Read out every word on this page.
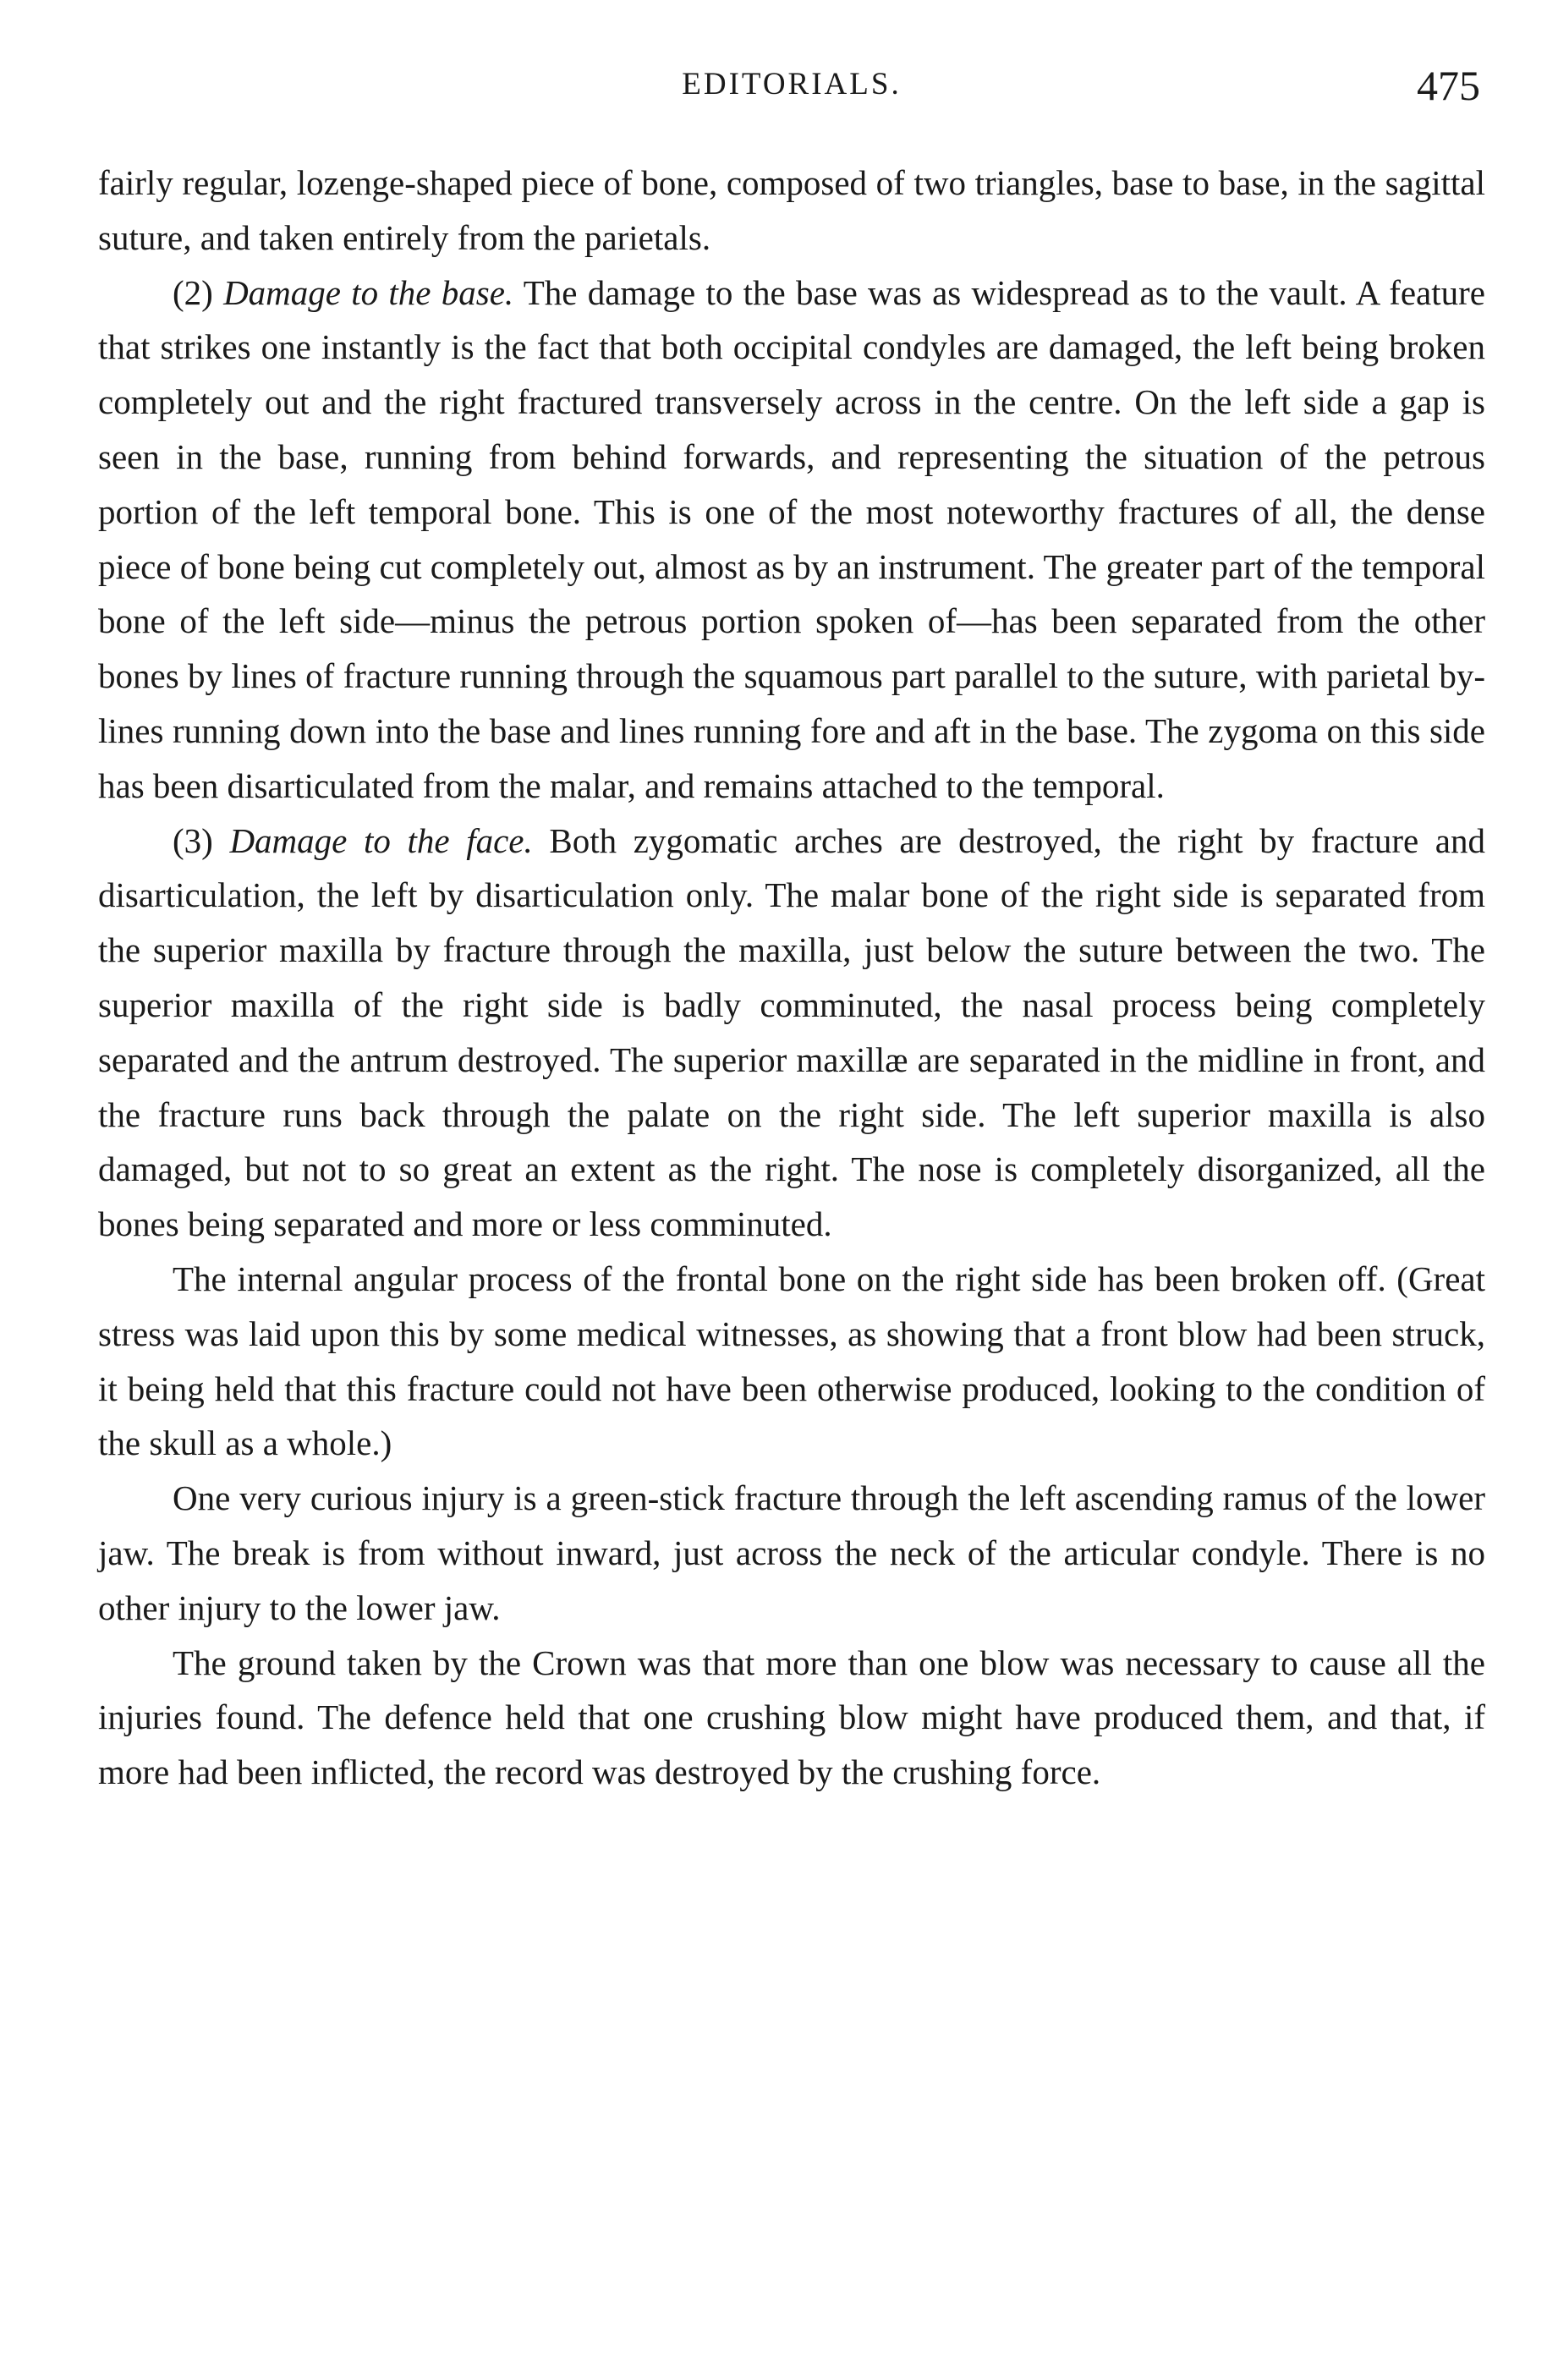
EDITORIALS.	475

fairly regular, lozenge-shaped piece of bone, composed of two triangles, base to base, in the sagittal suture, and taken entirely from the parietals.

(2) Damage to the base. The damage to the base was as widespread as to the vault. A feature that strikes one instantly is the fact that both occipital condyles are damaged, the left being broken completely out and the right fractured transversely across in the centre. On the left side a gap is seen in the base, running from behind forwards, and representing the situation of the petrous portion of the left temporal bone. This is one of the most noteworthy fractures of all, the dense piece of bone being cut completely out, almost as by an instrument. The greater part of the temporal bone of the left side—minus the petrous portion spoken of—has been separated from the other bones by lines of fracture running through the squamous part parallel to the suture, with parietal by-lines running down into the base and lines running fore and aft in the base. The zygoma on this side has been disarticulated from the malar, and remains attached to the temporal.

(3) Damage to the face. Both zygomatic arches are destroyed, the right by fracture and disarticulation, the left by disarticulation only. The malar bone of the right side is separated from the superior maxilla by fracture through the maxilla, just below the suture between the two. The superior maxilla of the right side is badly comminuted, the nasal process being completely separated and the antrum destroyed. The superior maxillæ are separated in the midline in front, and the fracture runs back through the palate on the right side. The left superior maxilla is also damaged, but not to so great an extent as the right. The nose is completely disorganized, all the bones being separated and more or less comminuted.

The internal angular process of the frontal bone on the right side has been broken off. (Great stress was laid upon this by some medical witnesses, as showing that a front blow had been struck, it being held that this fracture could not have been otherwise produced, looking to the condition of the skull as a whole.)

One very curious injury is a green-stick fracture through the left ascending ramus of the lower jaw. The break is from without inward, just across the neck of the articular condyle. There is no other injury to the lower jaw.

The ground taken by the Crown was that more than one blow was necessary to cause all the injuries found. The defence held that one crushing blow might have produced them, and that, if more had been inflicted, the record was destroyed by the crushing force.
